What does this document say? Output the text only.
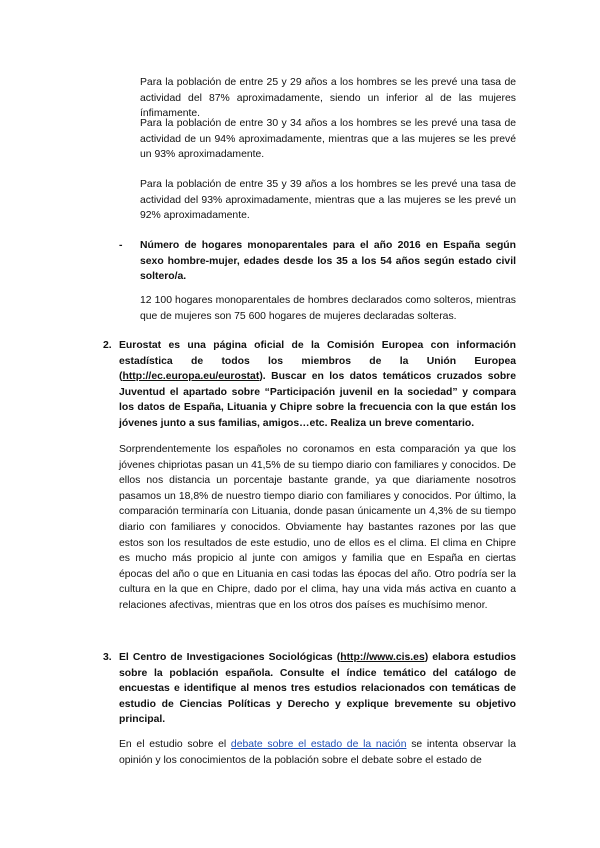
Para la población de entre 25 y 29 años a los hombres se les prevé una tasa de actividad del 87% aproximadamente, siendo un inferior al de las mujeres ínfimamente.

Para la población de entre 30 y 34 años a los hombres se les prevé una tasa de actividad de un 94% aproximadamente, mientras que a las mujeres se les prevé un 93% aproximadamente.

Para la población de entre 35 y 39 años a los hombres se les prevé una tasa de actividad del 93% aproximadamente, mientras que a las mujeres se les prevé un 92% aproximadamente.

- Número de hogares monoparentales para el año 2016 en España según sexo hombre-mujer, edades desde los 35 a los 54 años según estado civil soltero/a.

12 100 hogares monoparentales de hombres declarados como solteros, mientras que de mujeres son 75 600 hogares de mujeres declaradas solteras.

2. Eurostat es una página oficial de la Comisión Europea con información estadística de todos los miembros de la Unión Europea (http://ec.europa.eu/eurostat). Buscar en los datos temáticos cruzados sobre Juventud el apartado sobre “Participación juvenil en la sociedad” y compara los datos de España, Lituania y Chipre sobre la frecuencia con la que están los jóvenes junto a sus familias, amigos…etc. Realiza un breve comentario.

Sorprendentemente los españoles no coronamos en esta comparación ya que los jóvenes chipriotas pasan un 41,5% de su tiempo diario con familiares y conocidos. De ellos nos distancia un porcentaje bastante grande, ya que diariamente nosotros pasamos un 18,8% de nuestro tiempo diario con familiares y conocidos. Por último, la comparación terminaría con Lituania, donde pasan únicamente un 4,3% de su tiempo diario con familiares y conocidos. Obviamente hay bastantes razones por las que estos son los resultados de este estudio, uno de ellos es el clima. El clima en Chipre es mucho más propicio al junte con amigos y familia que en España en ciertas épocas del año o que en Lituania en casi todas las épocas del año. Otro podría ser la cultura en la que en Chipre, dado por el clima, hay una vida más activa en cuanto a relaciones afectivas, mientras que en los otros dos países es muchísimo menor.

3. El Centro de Investigaciones Sociológicas (http://www.cis.es) elabora estudios sobre la población española. Consulte el índice temático del catálogo de encuestas e identifique al menos tres estudios relacionados con temáticas de estudio de Ciencias Políticas y Derecho y explique brevemente su objetivo principal.

En el estudio sobre el debate sobre el estado de la nación se intenta observar la opinión y los conocimientos de la población sobre el debate sobre el estado de
